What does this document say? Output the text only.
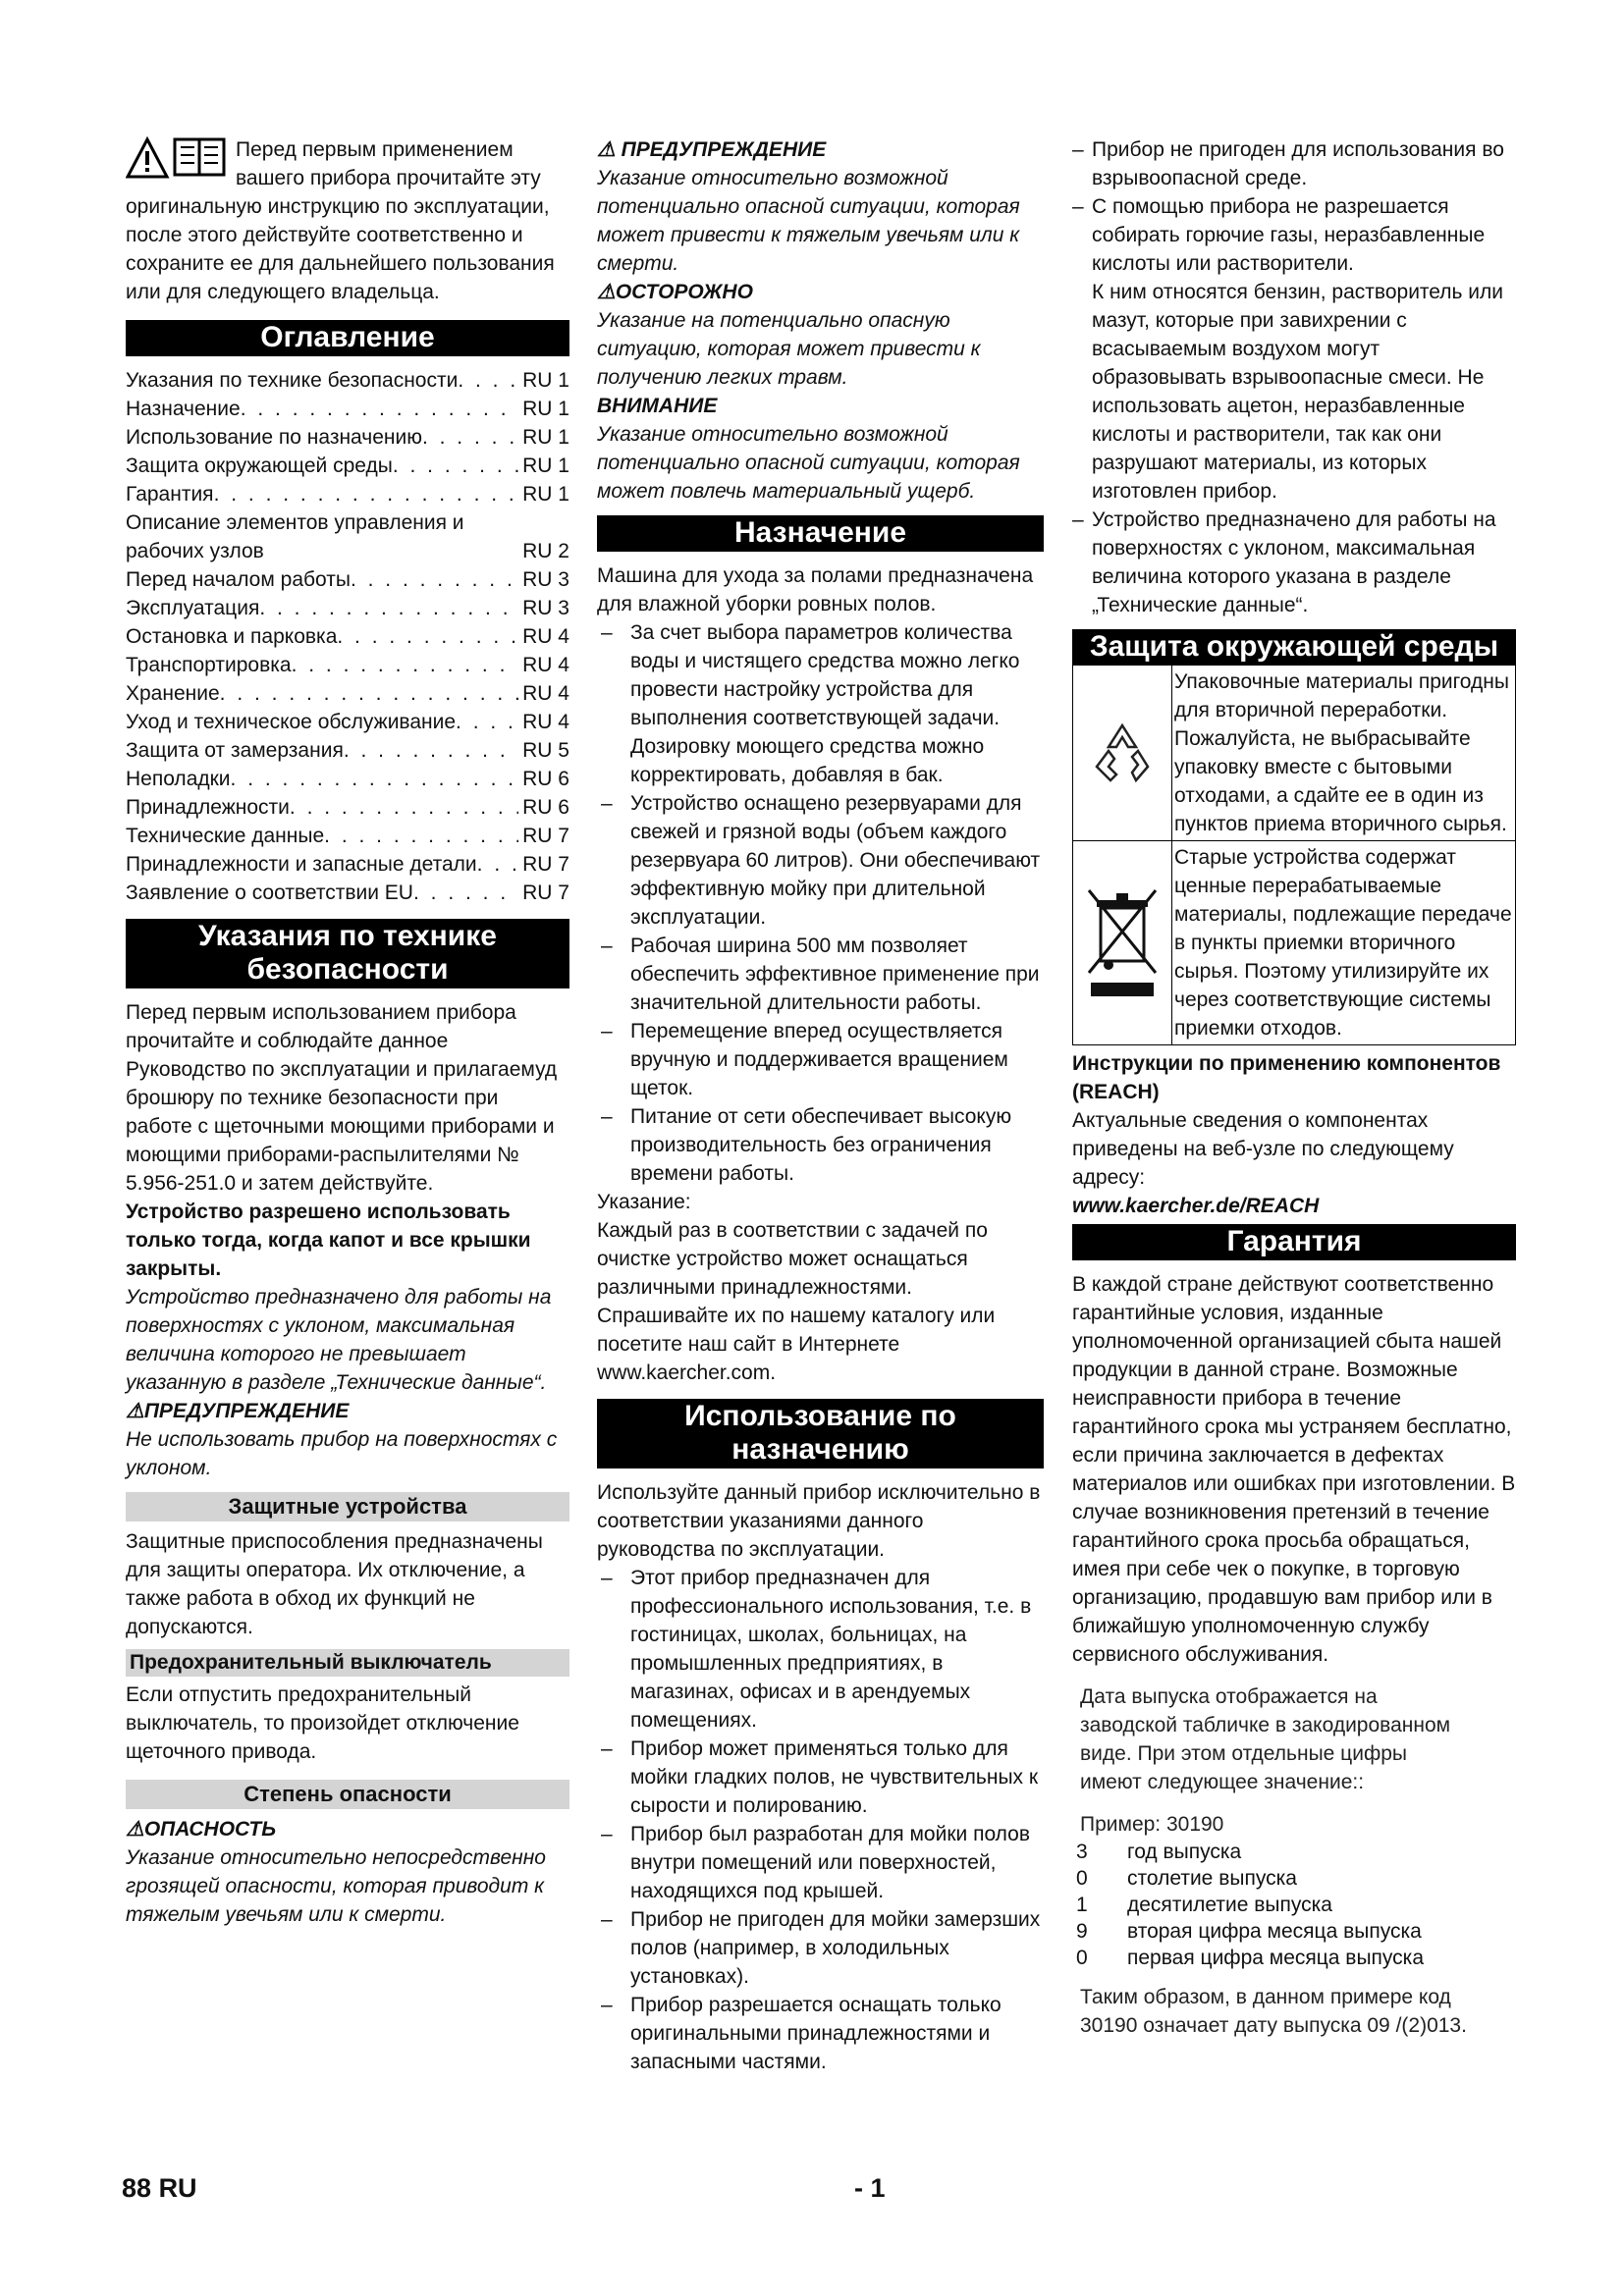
Перед первым применением вашего прибора прочитайте эту оригинальную инструкцию по эксплуатации, после этого действуйте соответственно и сохраните ее для дальнейшего пользования или для следующего владельца.
Оглавление
Указания по технике безопасности . . .	RU 1
Назначение . . .	RU 1
Использование по назначению . . .	RU 1
Защита окружающей среды . . .	RU 1
Гарантия . . .	RU 1
Описание элементов управления и рабочих узлов	RU 2
Перед началом работы . . .	RU 3
Эксплуатация . . .	RU 3
Остановка и парковка . . .	RU 4
Транспортировка . . .	RU 4
Хранение . . .	RU 4
Уход и техническое обслуживание . . .	RU 4
Защита от замерзания . . .	RU 5
Неполадки . . .	RU 6
Принадлежности . . .	RU 6
Технические данные . . .	RU 7
Принадлежности и запасные детали . . . RU 7
Заявление о соответствии EU . . .	RU 7
Указания по технике безопасности

Перед первым использованием прибора прочитайте и соблюдайте данное Руководство по эксплуатации и прилагаемуд брошюру по технике безопасности при работе с щеточными моющими приборами и моющими приборами-распылителями № 5.956-251.0 и затем действуйте.

Устройство разрешено использовать только тогда, когда капот и все крышки закрыты.

Устройство предназначено для работы на поверхностях с уклоном, максимальная величина которого не превышает указанную в разделе „Технические данные“.

⚠ПРЕДУПРЕЖДЕНИЕ

Не использовать прибор на поверхностях с уклоном.

Защитные устройства

Защитные приспособления предназначены для защиты оператора. Их отключение, а также работа в обход их функций не допускаются.

Предохранительный выключатель

Если отпустить предохранительный выключатель, то произойдет отключение щеточного привода.

Степень опасности

⚠ОПАСНОСТЬ

Указание относительно непосредственно грозящей опасности, которая приводит к тяжелым увечьям или к смерти.

⚠ ПРЕДУПРЕЖДЕНИЕ

Указание относительно возможной потенциально опасной ситуации, которая может привести к тяжелым увечьям или к смерти.

⚠ОСТОРОЖНО

Указание на потенциально опасную ситуацию, которая может привести к получению легких травм.

ВНИМАНИЕ

Указание относительно возможной потенциально опасной ситуации, которая может повлечь материальный ущерб.

Назначение

Машина для ухода за полами предназначена для влажной уборки ровных полов.

– За счет выбора параметров количества воды и чистящего средства можно легко провести настройку устройства для выполнения соответствующей задачи.
Дозировку моющего средства можно корректировать, добавляя в бак.
– Устройство оснащено резервуарами для свежей и грязной воды (объем каждого резервуара 60 литров). Они обеспечивают эффективную мойку при длительной эксплуатации.
– Рабочая ширина 500 мм позволяет обеспечить эффективное применение при значительной длительности работы.
– Перемещение вперед осуществляется вручную и поддерживается вращением щеток.
– Питание от сети обеспечивает высокую производительность без ограничения времени работы.

Указание:

Каждый раз в соответствии с задачей по очистке устройство может оснащаться различными принадлежностями. Спрашивайте их по нашему каталогу или посетите наш сайт в Интернете www.kaercher.com.

Использование по назначению

Используйте данный прибор исключительно в соответствии указаниями данного руководства по эксплуатации.

– Этот прибор предназначен для профессионального использования, т.е. в гостиницах, школах, больницах, на промышленных предприятиях, в магазинах, офисах и в арендуемых помещениях.
– Прибор может применяться только для мойки гладких полов, не чувствительных к сырости и полированию.
– Прибор был разработан для мойки полов внутри помещений или поверхностей, находящихся под крышей.
– Прибор не пригоден для мойки замерзших полов (например, в холодильных установках).
– Прибор разрешается оснащать только оригинальными принадлежностями и запасными частями.
– Прибор не пригоден для использования во взрывоопасной среде.
– С помощью прибора не разрешается собирать горючие газы, неразбавленные кислоты или растворители.
К ним относятся бензин, растворитель или мазут, которые при завихрении с всасываемым воздухом могут образовывать взрывоопасные смеси. Не использовать ацетон, неразбавленные кислоты и растворители, так как они разрушают материалы, из которых изготовлен прибор.
– Устройство предназначено для работы на поверхностях с уклоном, максимальная величина которого указана в разделе „Технические данные“.
Защита окружающей среды
Упаковочные материалы пригодны для вторичной переработки. Пожалуйста, не выбрасывайте упаковку вместе с бытовыми отходами, а сдайте ее в один из пунктов приема вторичного сырья.
Старые устройства содержат ценные перерабатываемые материалы, подлежащие передаче в пункты приемки вторичного сырья. Поэтому утилизируйте их через соответствующие системы приемки отходов.

Инструкции по применению компонентов (REACH)

Актуальные сведения о компонентах приведены на веб-узле по следующему адресу:

www.kaercher.de/REACH

Гарантия

В каждой стране действуют соответственно гарантийные условия, изданные уполномоченной организацией сбыта нашей продукции в данной стране. Возможные неисправности прибора в течение гарантийного срока мы устраняем бесплатно, если причина заключается в дефектах материалов или ошибках при изготовлении. В случае возникновения претензий в течение гарантийного срока просьба обращаться, имея при себе чек о покупке, в торговую организацию, продавшую вам прибор или в ближайшую уполномоченную службу сервисного обслуживания.

Дата выпуска отображается на заводской табличке в закодированном виде. При этом отдельные цифры имеют следующее значение::

Пример: 30190

3	год выпуска
0	столетие выпуска
1	десятилетие выпуска
9	вторая цифра месяца выпуска
0	первая цифра месяца выпуска

Таким образом, в данном примере код 30190 означает дату выпуска 09 /(2)013.

88 RU	- 1
